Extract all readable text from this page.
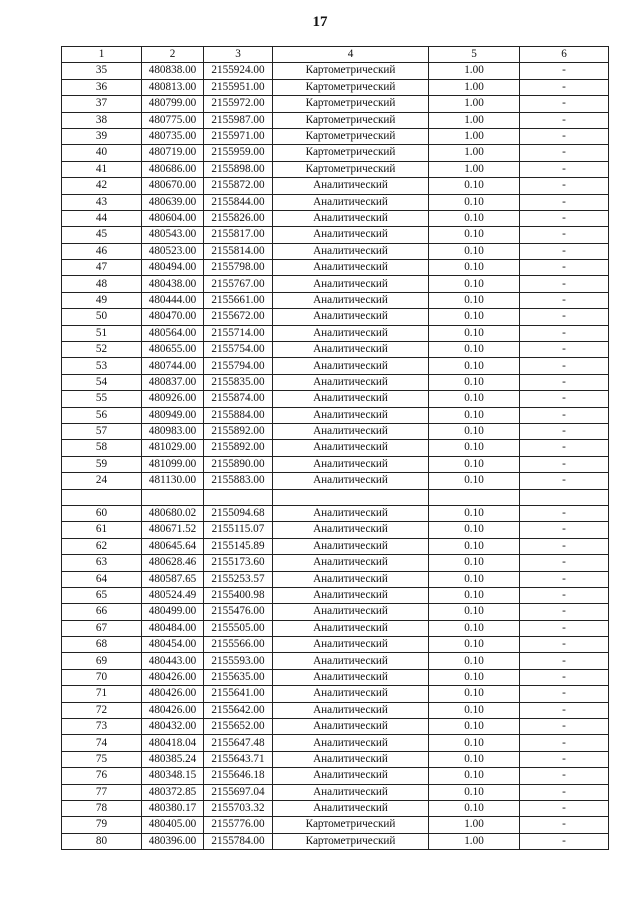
17
1	2	3	4	5	6
35	480838.00	2155924.00	Картометрический	1.00	-
36	480813.00	2155951.00	Картометрический	1.00	-
37	480799.00	2155972.00	Картометрический	1.00	-
38	480775.00	2155987.00	Картометрический	1.00	-
39	480735.00	2155971.00	Картометрический	1.00	-
40	480719.00	2155959.00	Картометрический	1.00	-
41	480686.00	2155898.00	Картометрический	1.00	-
42	480670.00	2155872.00	Аналитический	0.10	-
43	480639.00	2155844.00	Аналитический	0.10	-
44	480604.00	2155826.00	Аналитический	0.10	-
45	480543.00	2155817.00	Аналитический	0.10	-
46	480523.00	2155814.00	Аналитический	0.10	-
47	480494.00	2155798.00	Аналитический	0.10	-
48	480438.00	2155767.00	Аналитический	0.10	-
49	480444.00	2155661.00	Аналитический	0.10	-
50	480470.00	2155672.00	Аналитический	0.10	-
51	480564.00	2155714.00	Аналитический	0.10	-
52	480655.00	2155754.00	Аналитический	0.10	-
53	480744.00	2155794.00	Аналитический	0.10	-
54	480837.00	2155835.00	Аналитический	0.10	-
55	480926.00	2155874.00	Аналитический	0.10	-
56	480949.00	2155884.00	Аналитический	0.10	-
57	480983.00	2155892.00	Аналитический	0.10	-
58	481029.00	2155892.00	Аналитический	0.10	-
59	481099.00	2155890.00	Аналитический	0.10	-
24	481130.00	2155883.00	Аналитический	0.10	-

60	480680.02	2155094.68	Аналитический	0.10	-
61	480671.52	2155115.07	Аналитический	0.10	-
62	480645.64	2155145.89	Аналитический	0.10	-
63	480628.46	2155173.60	Аналитический	0.10	-
64	480587.65	2155253.57	Аналитический	0.10	-
65	480524.49	2155400.98	Аналитический	0.10	-
66	480499.00	2155476.00	Аналитический	0.10	-
67	480484.00	2155505.00	Аналитический	0.10	-
68	480454.00	2155566.00	Аналитический	0.10	-
69	480443.00	2155593.00	Аналитический	0.10	-
70	480426.00	2155635.00	Аналитический	0.10	-
71	480426.00	2155641.00	Аналитический	0.10	-
72	480426.00	2155642.00	Аналитический	0.10	-
73	480432.00	2155652.00	Аналитический	0.10	-
74	480418.04	2155647.48	Аналитический	0.10	-
75	480385.24	2155643.71	Аналитический	0.10	-
76	480348.15	2155646.18	Аналитический	0.10	-
77	480372.85	2155697.04	Аналитический	0.10	-
78	480380.17	2155703.32	Аналитический	0.10	-
79	480405.00	2155776.00	Картометрический	1.00	-
80	480396.00	2155784.00	Картометрический	1.00	-
